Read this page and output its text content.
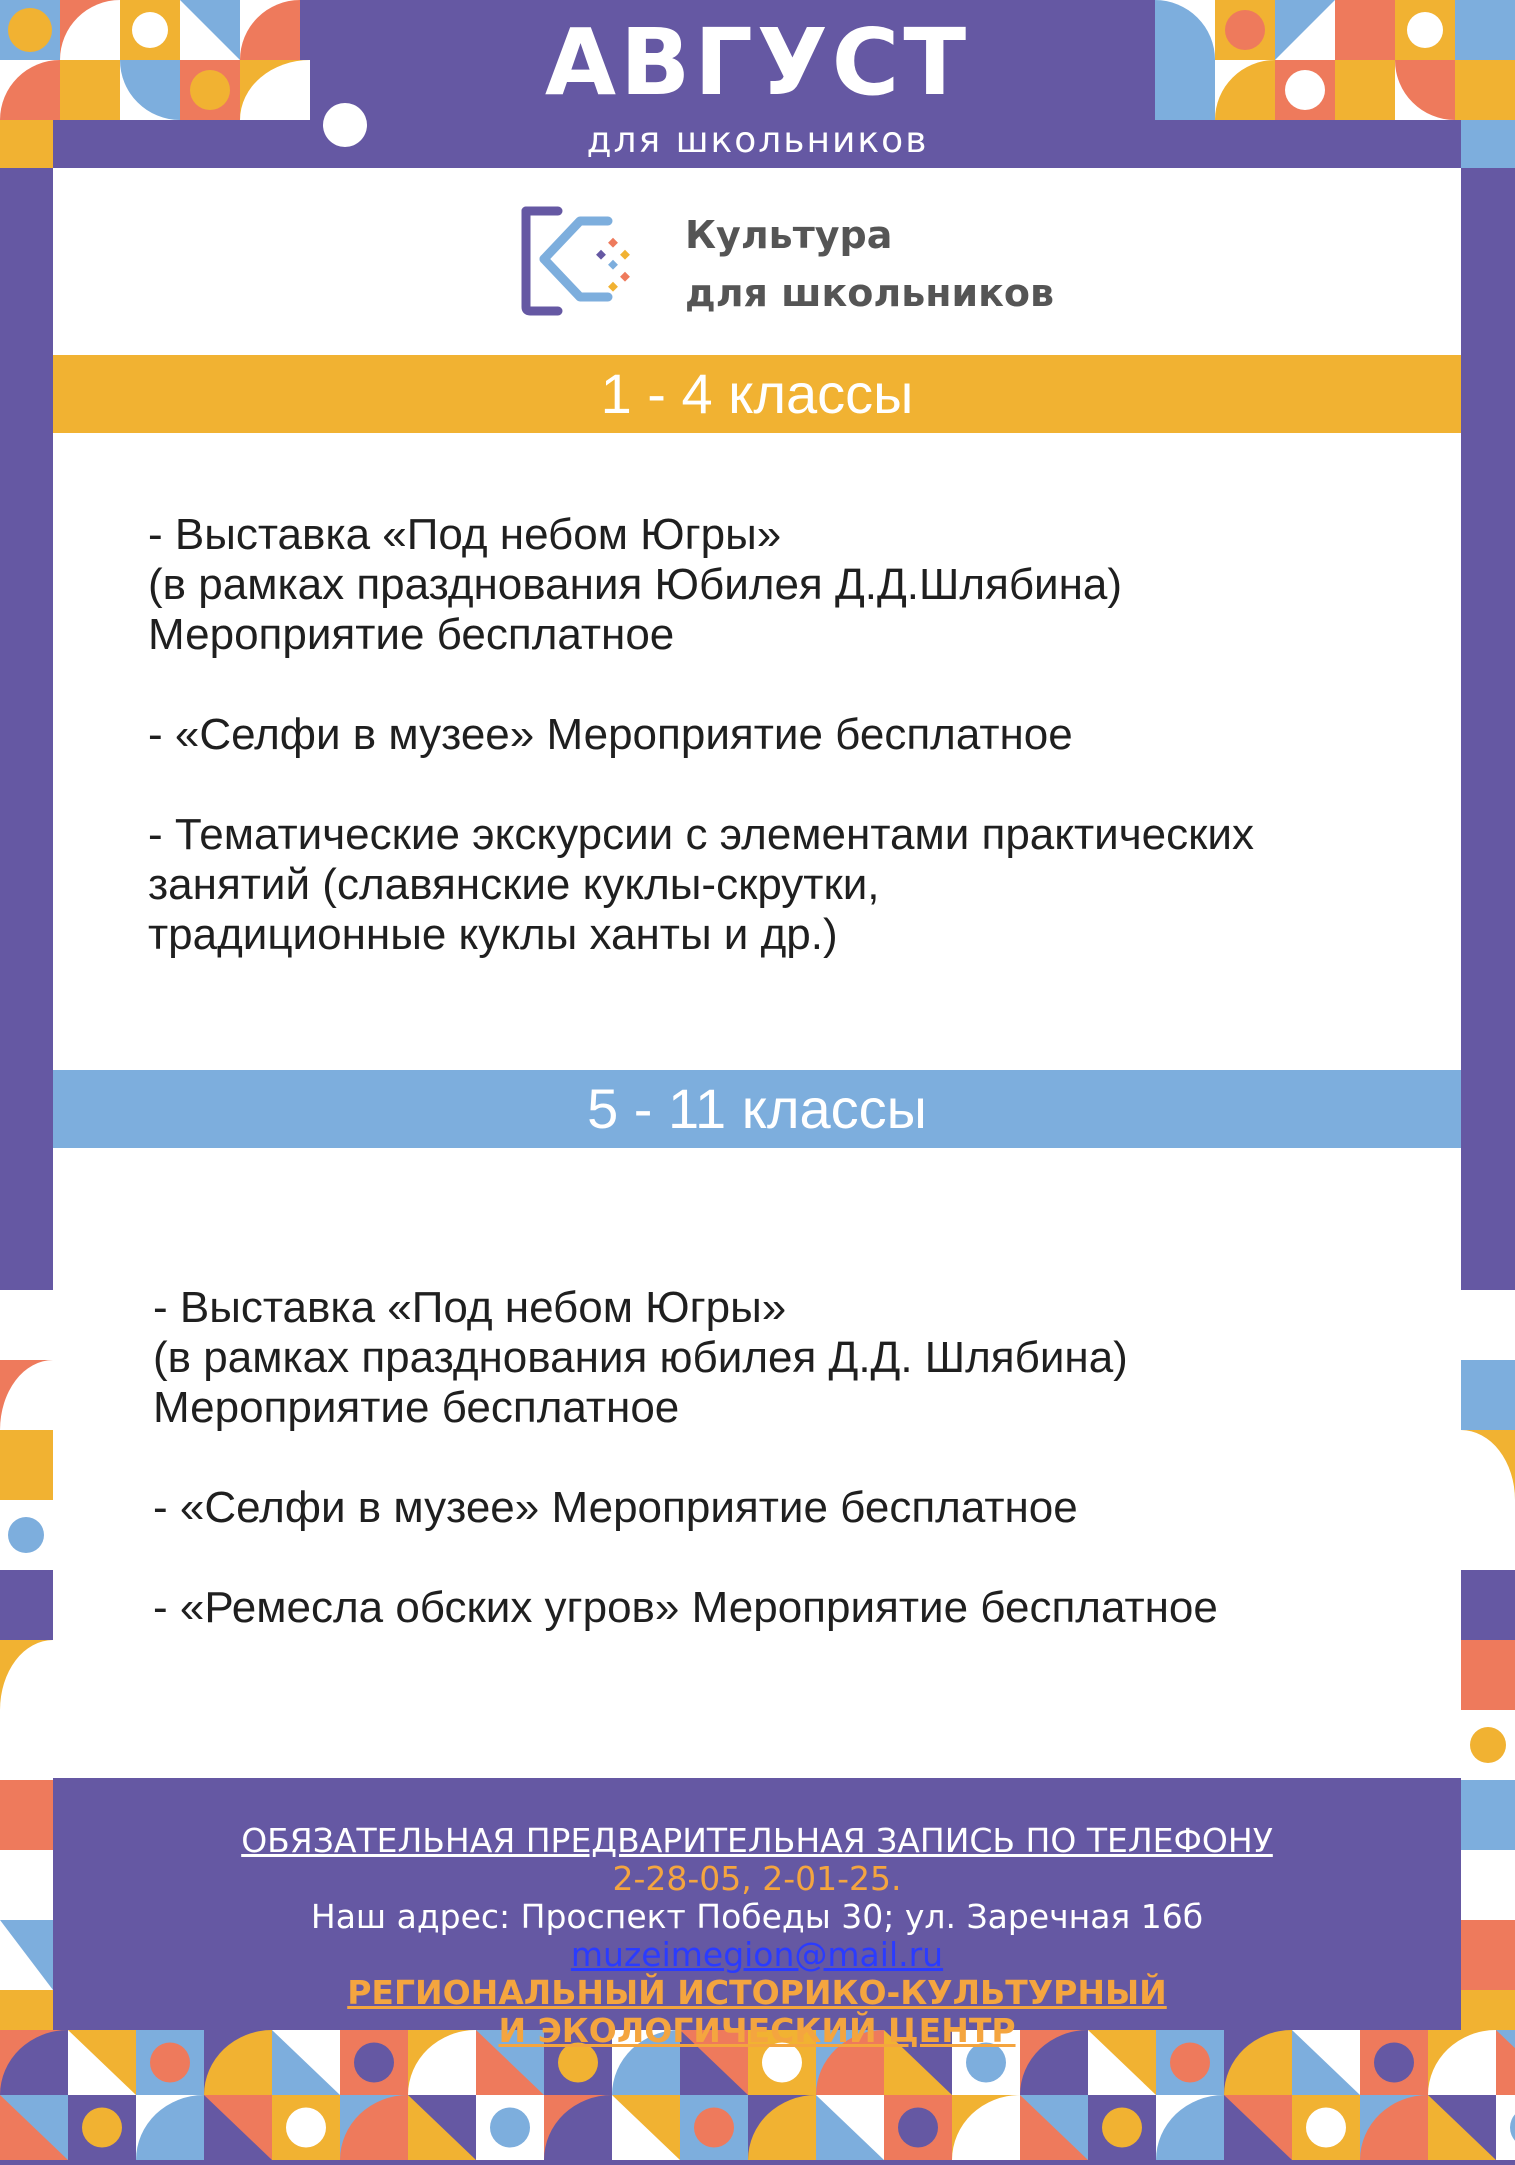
АВГУСТ
для школьников
Культура
для школьников
1 - 4 классы

- Выставка «Под небом Югры»

(в рамках празднования Юбилея Д.Д.Шлябина)

Мероприятие бесплатное

- «Селфи в музее» Мероприятие бесплатное

- Тематические экскурсии с элементами практических

занятий (славянские куклы-скрутки,

традиционные куклы ханты и др.)

5 - 11 классы

- Выставка «Под небом Югры»

(в рамках празднования юбилея Д.Д. Шлябина)

Мероприятие бесплатное

- «Селфи в музее» Мероприятие бесплатное

- «Ремесла обских угров» Мероприятие бесплатное

ОБЯЗАТЕЛЬНАЯ ПРЕДВАРИТЕЛЬНАЯ ЗАПИСЬ ПО ТЕЛЕФОНУ
2-28-05, 2-01-25.
Наш адрес: Проспект Победы 30; ул. Заречная 16б
muzeimegion@mail.ru
РЕГИОНАЛЬНЫЙ ИСТОРИКО-КУЛЬТУРНЫЙ
И ЭКОЛОГИЧЕСКИЙ ЦЕНТР
